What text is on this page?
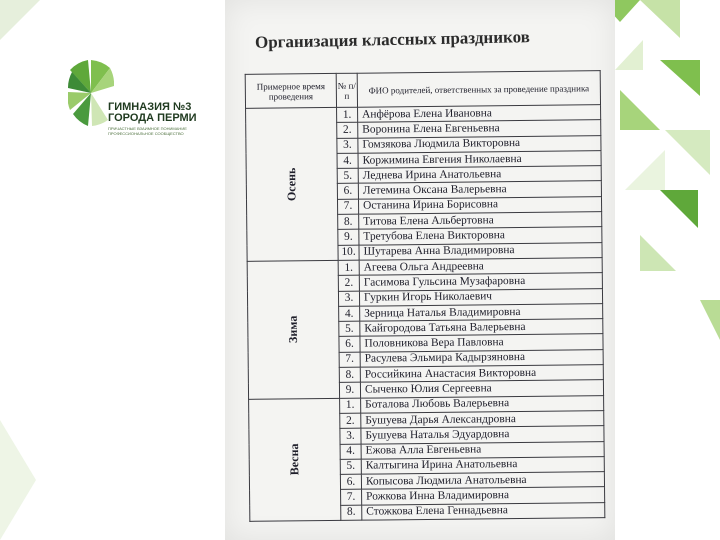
ГИМНАЗИЯ №3
ГОРОДА ПЕРМИ
ПРИЧАСТНЫЕ ВЗАИМНОЕ ПОНИМАНИЕ ПРОФЕССИОНАЛЬНОЕ СООБЩЕСТВО
Организация классных праздников
Примерное время проведения	№ п/п	ФИО родителей, ответственных за проведение праздника

Осень	1.	Анфёрова Елена Ивановна
	2.	Воронина Елена Евгеньевна
	3.	Гомзякова Людмила Викторовна
	4.	Коржимина Евгения Николаевна
	5.	Леднева Ирина Анатольевна
	6.	Летемина Оксана Валерьевна
	7.	Останина Ирина Борисовна
	8.	Титова Елена Альбертовна
	9.	Третубова Елена Викторовна
	10.	Шутарева Анна Владимировна

Зима	1.	Агеева Ольга Андреевна
	2.	Гасимова Гульсина Музафаровна
	3.	Гуркин Игорь Николаевич
	4.	Зерница Наталья Владимировна
	5.	Кайгородова Татьяна Валерьевна
	6.	Половникова Вера Павловна
	7.	Расулева Эльмира Кадырзяновна
	8.	Российкина Анастасия Викторовна
	9.	Сыченко Юлия Сергеевна

Весна	1.	Боталова Любовь Валерьевна
	2.	Бушуева Дарья Александровна
	3.	Бушуева Наталья Эдуардовна
	4.	Ежова Алла Евгеньевна
	5.	Калтыгина Ирина Анатольевна
	6.	Копысова Людмила Анатольевна
	7.	Рожкова Инна Владимировна
	8.	Стожкова Елена Геннадьевна
